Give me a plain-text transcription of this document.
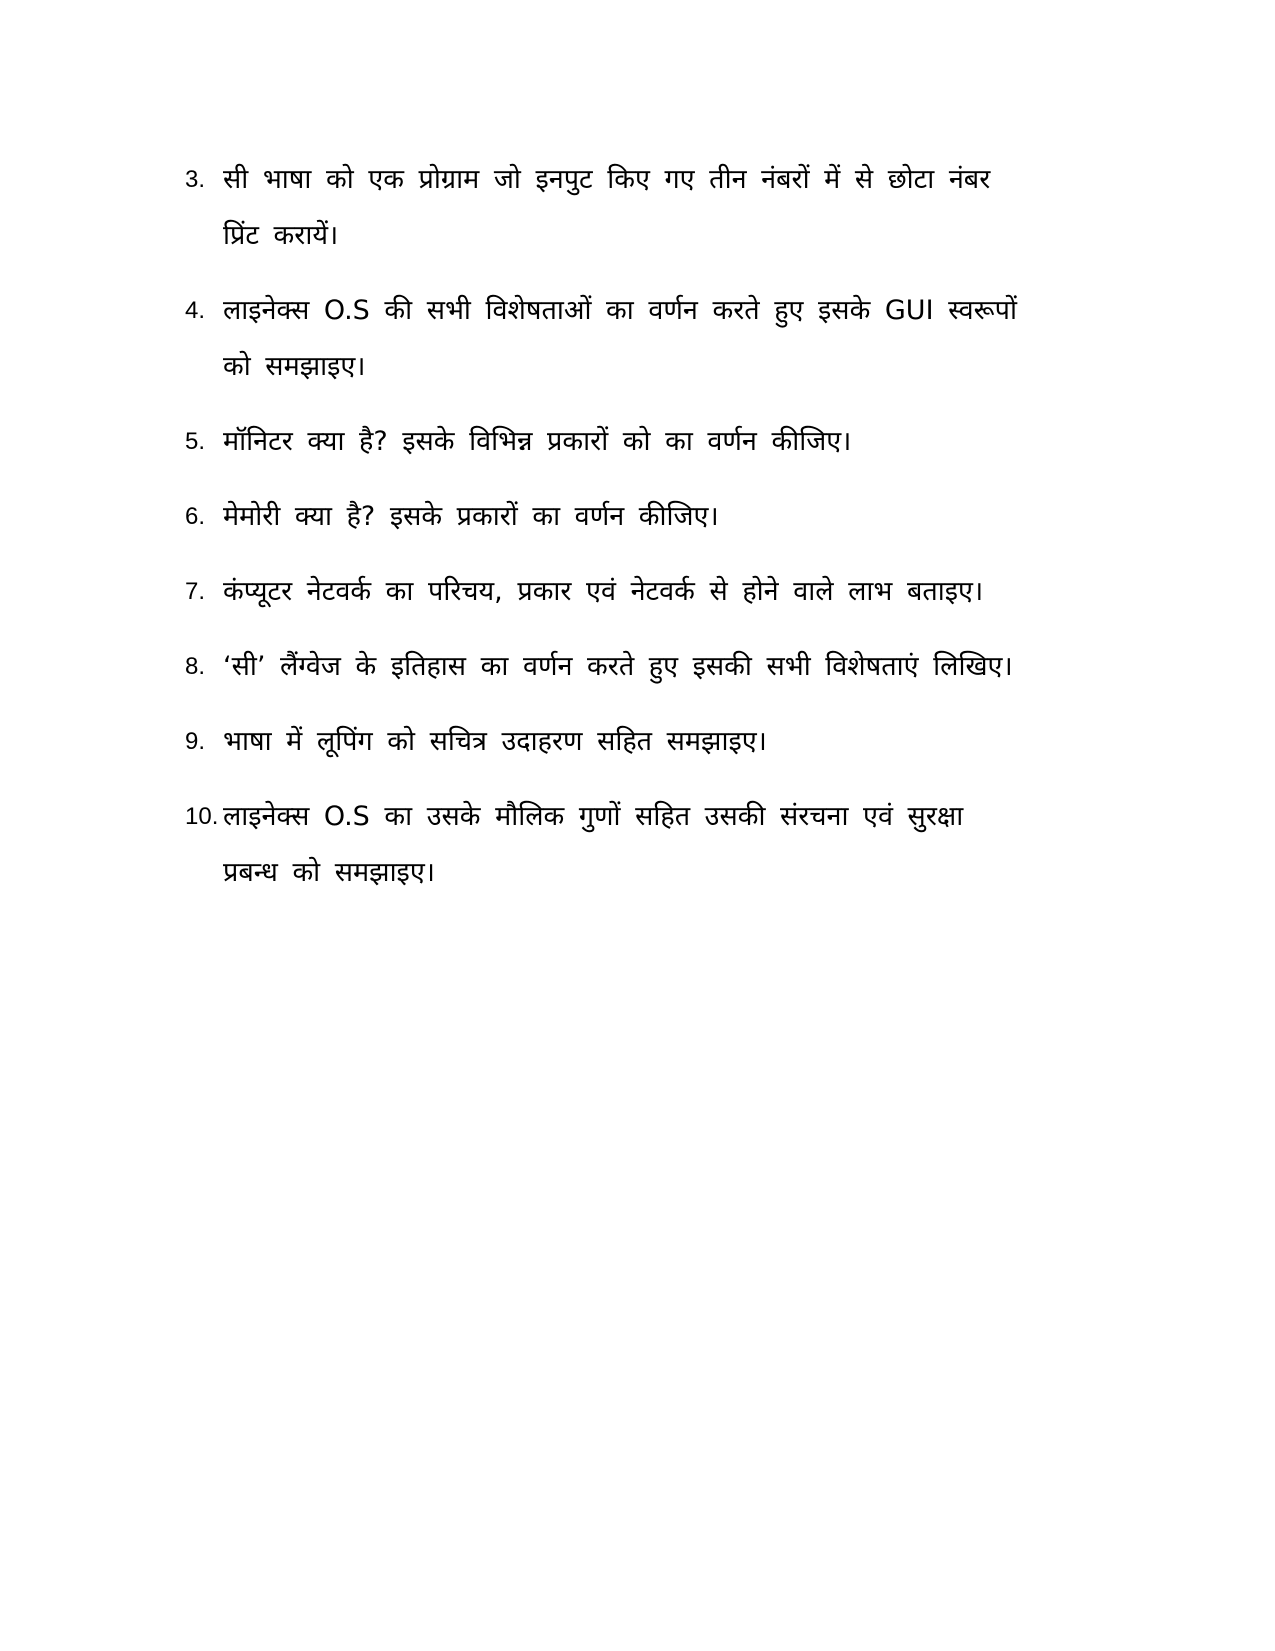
3. सी भाषा को एक प्रोग्राम जो इनपुट किए गए तीन नंबरों में से छोटा नंबर
प्रिंट करायें।
4. लाइनेक्स O.S की सभी विशेषताओं का वर्णन करते हुए इसके GUI स्वरूपों
को समझाइए।
5. मॉनिटर क्या है? इसके विभिन्न प्रकारों को का वर्णन कीजिए।
6. मेमोरी क्या है? इसके प्रकारों का वर्णन कीजिए।
7. कंप्यूटर नेटवर्क का परिचय, प्रकार एवं नेटवर्क से होने वाले लाभ बताइए।
8. ‘सी’ लैंग्वेज के इतिहास का वर्णन करते हुए इसकी सभी विशेषताएं लिखिए।
9. भाषा में लूपिंग को सचित्र उदाहरण सहित समझाइए।
10. लाइनेक्स O.S का उसके मौलिक गुणों सहित उसकी संरचना एवं सुरक्षा
प्रबन्ध को समझाइए।
